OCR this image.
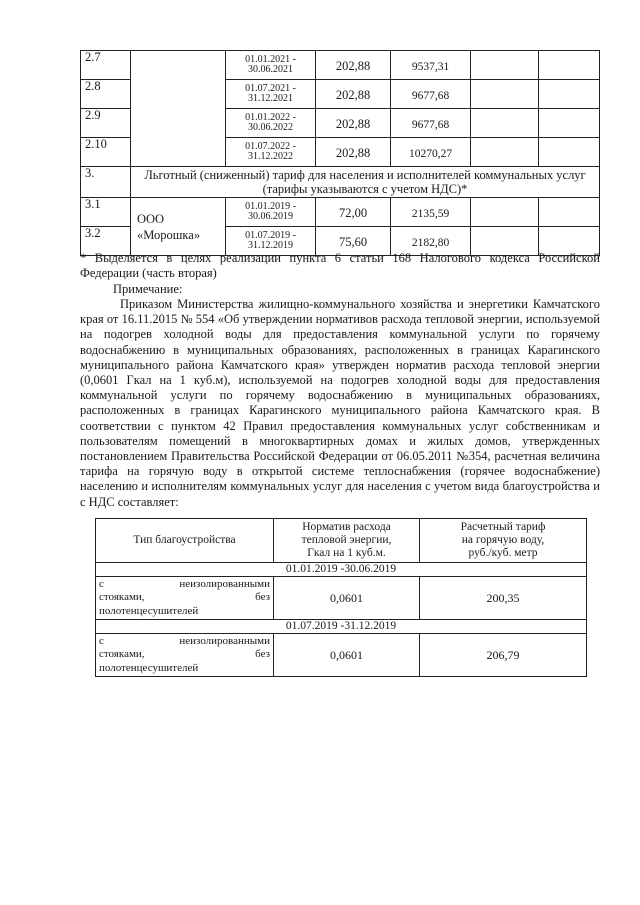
2.7		01.01.2021 -
30.06.2021	202,88	9537,31		
2.8		01.07.2021 -
31.12.2021	202,88	9677,68		
2.9		01.01.2022 -
30.06.2022	202,88	9677,68		
2.10		01.07.2022 -
31.12.2022	202,88	10270,27		
3.	Льготный (сниженный) тариф для населения и исполнителей коммунальных услуг
(тарифы указываются с учетом НДС)*					

3.1	ООО
«Морошка»	01.01.2019 -
30.06.2019	72,00	2135,59		
3.2		01.07.2019 -
31.12.2019	75,60	2182,80		
* Выделяется в целях реализации пункта 6 статьи 168 Налогового кодекса Российской Федерации (часть вторая)
Примечание:
Приказом Министерства жилищно-коммунального хозяйства и энергетики Камчатского края от 16.11.2015 № 554 «Об утверждении нормативов расхода тепловой энергии, используемой на подогрев холодной воды для предоставления коммунальной услуги по горячему водоснабжению в муниципальных образованиях, расположенных в границах Карагинского муниципального района Камчатского края» утвержден норматив расхода тепловой энергии (0,0601 Гкал на 1 куб.м), используемой на подогрев холодной воды для предоставления коммунальной услуги по горячему водоснабжению в муниципальных образованиях, расположенных в границах Карагинского муниципального района Камчатского края. В соответствии с пунктом 42 Правил предоставления коммунальных услуг собственникам и пользователям помещений в многоквартирных домах и жилых домов, утвержденных постановлением Правительства Российской Федерации от 06.05.2011 №354, расчетная величина тарифа на горячую воду в открытой системе теплоснабжения (горячее водоснабжение) населению и исполнителям коммунальных услуг для населения с учетом вида благоустройства и с НДС составляет:
Тип благоустройства	Норматив расхода
тепловой энергии,
Гкал на 1 куб.м.	Расчетный тариф
на горячую воду,
руб./куб. метр

01.01.2019 -30.06.2019		

с неизолированными
стояками, без
полотенцесушителей	0,0601	200,35
01.07.2019 -31.12.2019		

с неизолированными
стояками, без
полотенцесушителей	0,0601	206,79
